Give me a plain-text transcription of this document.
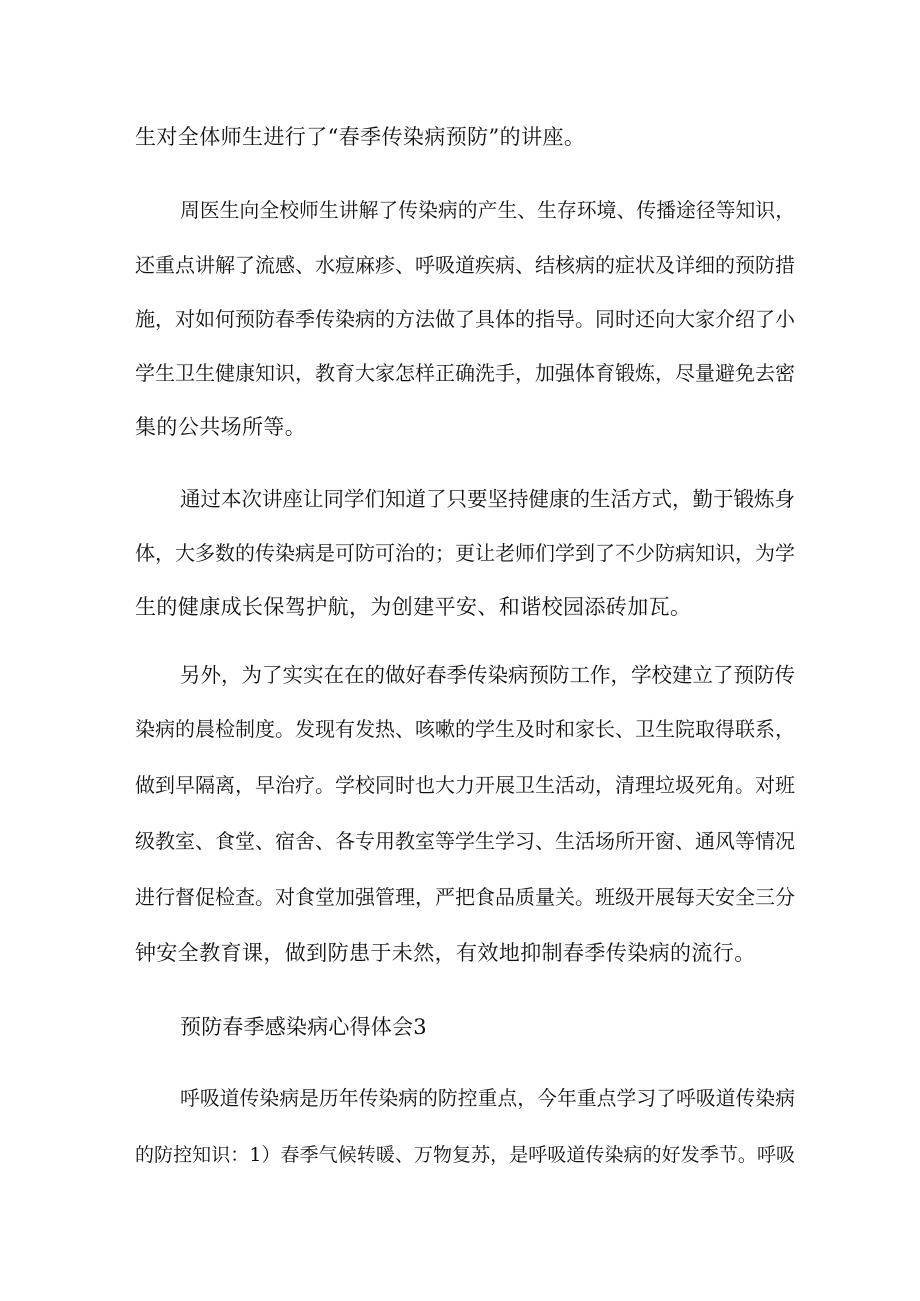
生对全体师生进行了“春季传染病预防”的讲座。
周医生向全校师生讲解了传染病的产生、生存环境、传播途径等知识，
还重点讲解了流感、水痘麻疹、呼吸道疾病、结核病的症状及详细的预防措
施，对如何预防春季传染病的方法做了具体的指导。同时还向大家介绍了小
学生卫生健康知识，教育大家怎样正确洗手，加强体育锻炼，尽量避免去密
集的公共场所等。
通过本次讲座让同学们知道了只要坚持健康的生活方式，勤于锻炼身
体，大多数的传染病是可防可治的；更让老师们学到了不少防病知识，为学
生的健康成长保驾护航，为创建平安、和谐校园添砖加瓦。
另外，为了实实在在的做好春季传染病预防工作，学校建立了预防传
染病的晨检制度。发现有发热、咳嗽的学生及时和家长、卫生院取得联系，
做到早隔离，早治疗。学校同时也大力开展卫生活动，清理垃圾死角。对班
级教室、食堂、宿舍、各专用教室等学生学习、生活场所开窗、通风等情况
进行督促检查。对食堂加强管理，严把食品质量关。班级开展每天安全三分
钟安全教育课，做到防患于未然，有效地抑制春季传染病的流行。
预防春季感染病心得体会3
呼吸道传染病是历年传染病的防控重点，今年重点学习了呼吸道传染病
的防控知识：1）春季气候转暖、万物复苏，是呼吸道传染病的好发季节。呼吸
